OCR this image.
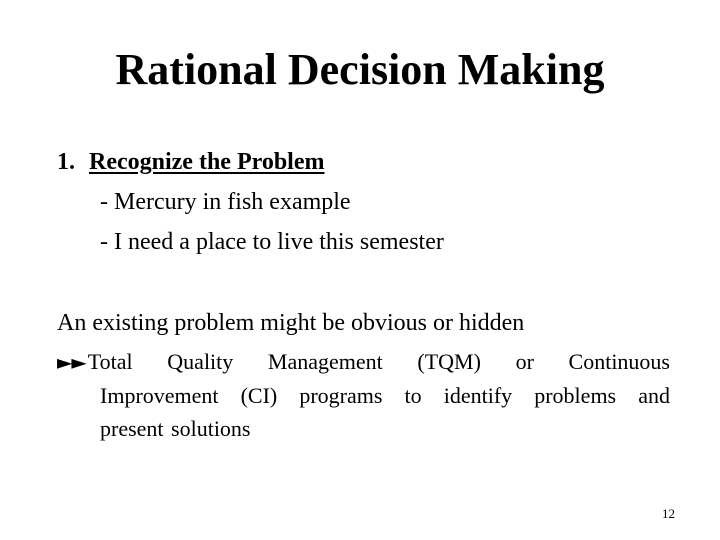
Rational Decision Making
1. Recognize the Problem
- Mercury in fish example
- I need a place to live this semester
An existing problem might be obvious or hidden
►►Total Quality Management (TQM) or Continuous
Improvement (CI) programs to identify problems and
present
solutions
12
